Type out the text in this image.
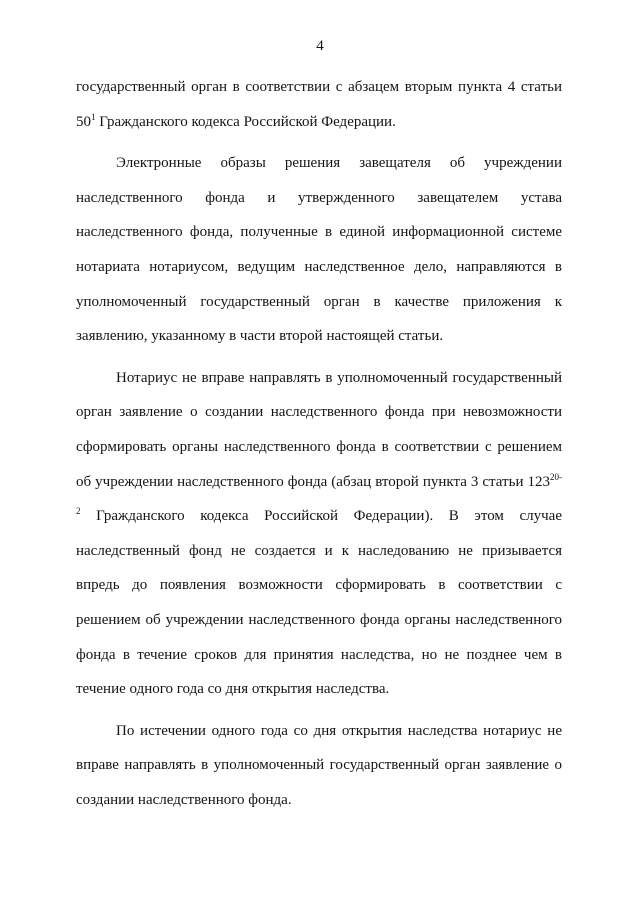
4

государственный орган в соответствии с абзацем вторым пункта 4 статьи $50^1$ Гражданского кодекса Российской Федерации.

Электронные образы решения завещателя об учреждении наследственного фонда и утвержденного завещателем устава наследственного фонда, полученные в единой информационной системе нотариата нотариусом, ведущим наследственное дело, направляются в уполномоченный государственный орган в качестве приложения к заявлению, указанному в части второй настоящей статьи.

Нотариус не вправе направлять в уполномоченный государственный орган заявление о создании наследственного фонда при невозможности сформировать органы наследственного фонда в соответствии с решением об учреждении наследственного фонда (абзац второй пункта 3 статьи 123$^{20-2}$ Гражданского кодекса Российской Федерации). В этом случае наследственный фонд не создается и к наследованию не призывается впредь до появления возможности сформировать в соответствии с решением об учреждении наследственного фонда органы наследственного фонда в течение сроков для принятия наследства, но не позднее чем в течение одного года со дня открытия наследства.

По истечении одного года со дня открытия наследства нотариус не вправе направлять в уполномоченный государственный орган заявление о создании наследственного фонда.
